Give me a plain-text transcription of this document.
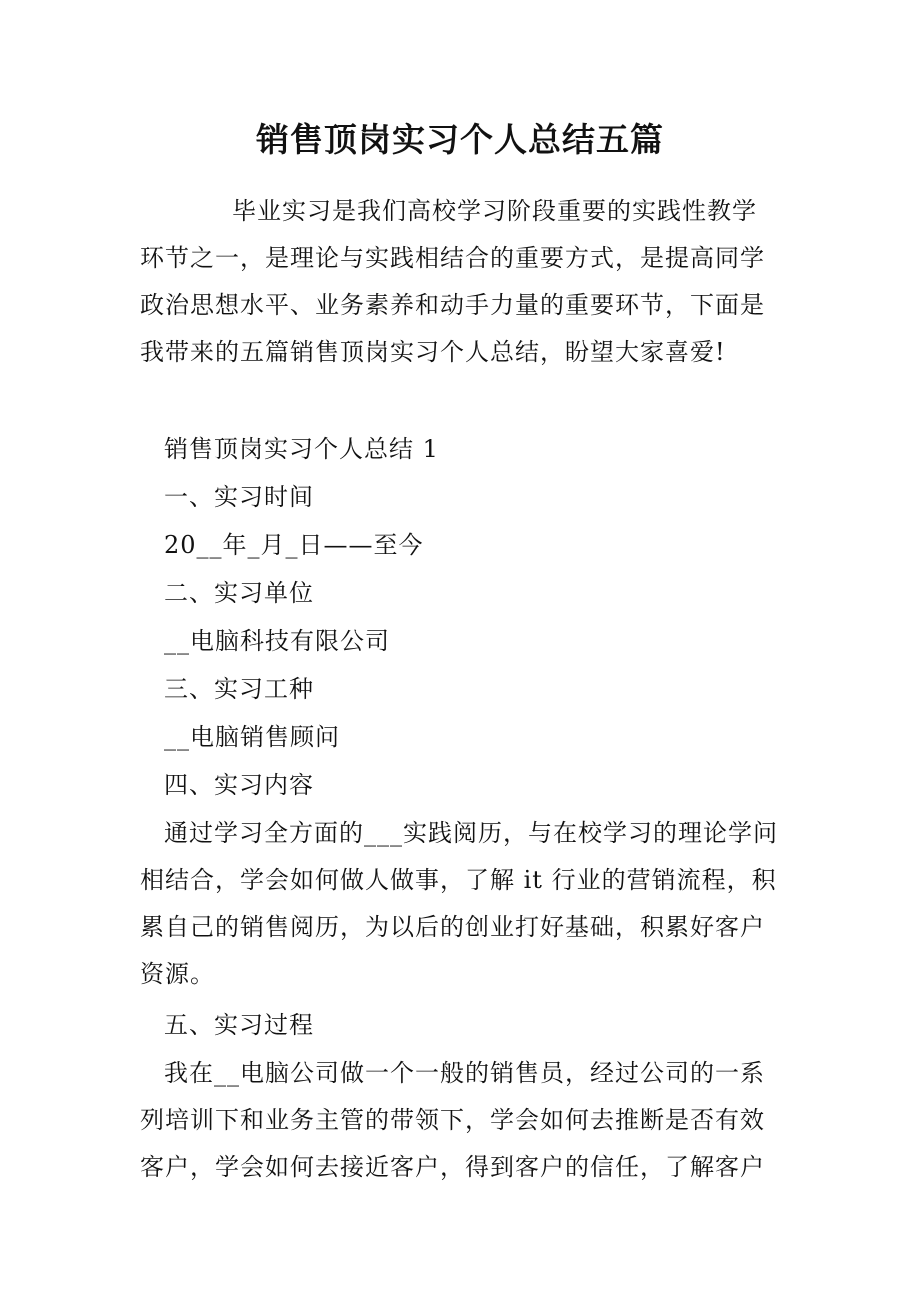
销售顶岗实习个人总结五篇

毕业实习是我们高校学习阶段重要的实践性教学环节之一，是理论与实践相结合的重要方式，是提高同学政治思想水平、业务素养和动手力量的重要环节，下面是我带来的五篇销售顶岗实习个人总结，盼望大家喜爱!

销售顶岗实习个人总结 1

一、实习时间

20__年_月_日——至今

二、实习单位

__电脑科技有限公司

三、实习工种

__电脑销售顾问

四、实习内容

通过学习全方面的___实践阅历，与在校学习的理论学问相结合，学会如何做人做事，了解 it 行业的营销流程，积累自己的销售阅历，为以后的创业打好基础，积累好客户资源。

五、实习过程

我在__电脑公司做一个一般的销售员，经过公司的一系列培训下和业务主管的带领下，学会如何去推断是否有效客户，学会如何去接近客户，得到客户的信任，了解客户
